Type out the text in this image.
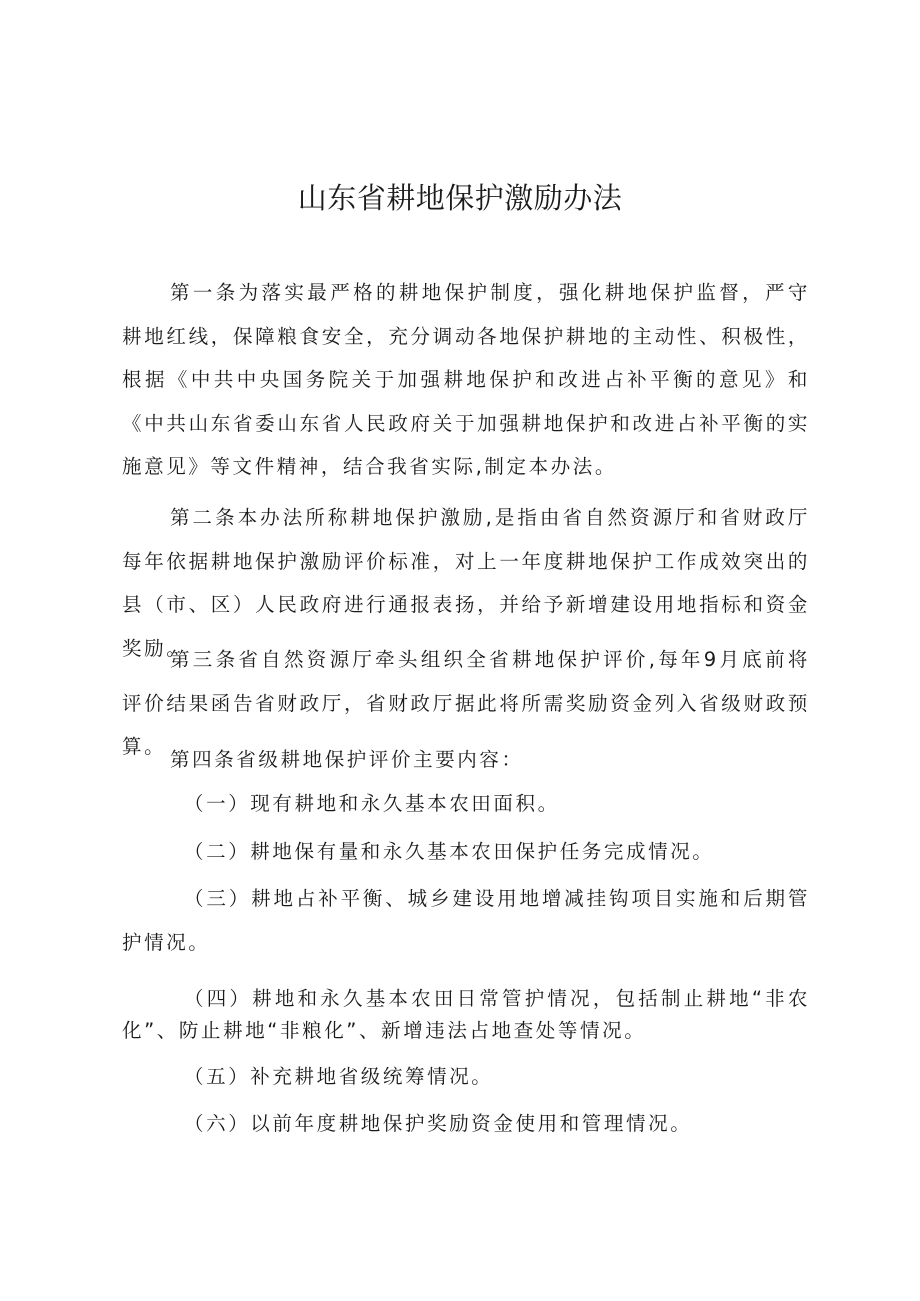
山东省耕地保护激励办法

第一条为落实最严格的耕地保护制度，强化耕地保护监督，严守耕地红线，保障粮食安全，充分调动各地保护耕地的主动性、积极性，根据《中共中央国务院关于加强耕地保护和改进占补平衡的意见》和《中共山东省委山东省人民政府关于加强耕地保护和改进占补平衡的实施意见》等文件精神，结合我省实际,制定本办法。

第二条本办法所称耕地保护激励,是指由省自然资源厅和省财政厅每年依据耕地保护激励评价标准，对上一年度耕地保护工作成效突出的县（市、区）人民政府进行通报表扬，并给予新增建设用地指标和资金奖励。

第三条省自然资源厅牵头组织全省耕地保护评价,每年9月底前将评价结果函告省财政厅，省财政厅据此将所需奖励资金列入省级财政预算。

第四条省级耕地保护评价主要内容：

（一）现有耕地和永久基本农田面积。

（二）耕地保有量和永久基本农田保护任务完成情况。

（三）耕地占补平衡、城乡建设用地增减挂钩项目实施和后期管护情况。

（四）耕地和永久基本农田日常管护情况，包括制止耕地“非农化”、防止耕地“非粮化”、新增违法占地查处等情况。

（五）补充耕地省级统筹情况。

（六）以前年度耕地保护奖励资金使用和管理情况。
